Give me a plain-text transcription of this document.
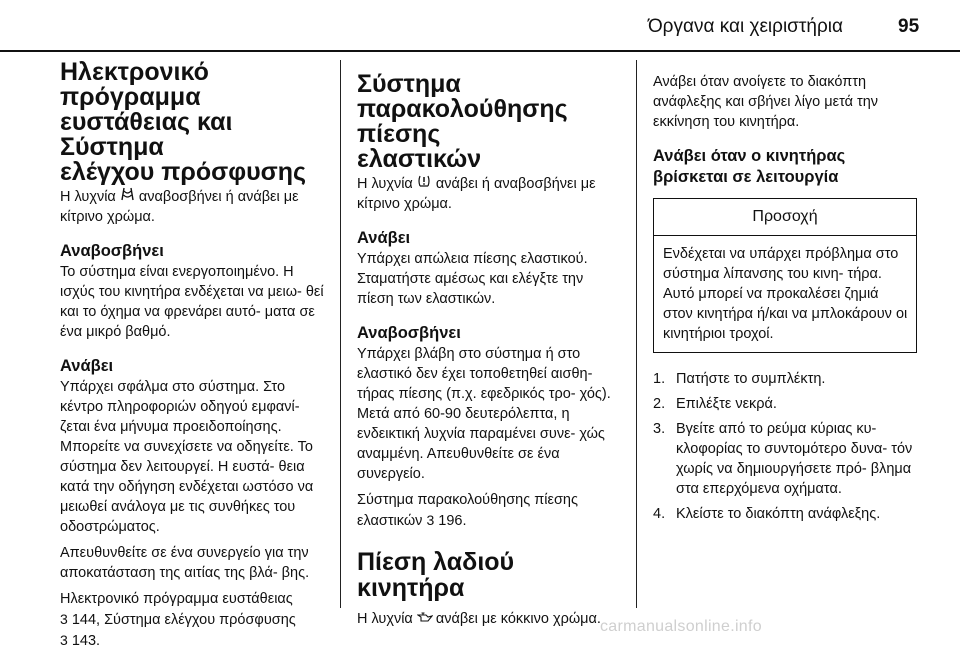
Όργανα και χειριστήρια	95
Ηλεκτρονικό πρόγραμμα
ευστάθειας και Σύστημα
ελέγχου πρόσφυσης

Η λυχνία  αναβοσβήνει ή ανάβει με κίτρινο χρώμα.

Αναβοσβήνει

Το σύστημα είναι ενεργοποιημένο. Η ισχύς του κινητήρα ενδέχεται να μειω- θεί και το όχημα να φρενάρει αυτό- ματα σε ένα μικρό βαθμό.

Ανάβει

Υπάρχει σφάλμα στο σύστημα. Στο κέντρο πληροφοριών οδηγού εμφανί- ζεται ένα μήνυμα προειδοποίησης. Μπορείτε να συνεχίσετε να οδηγείτε. Το σύστημα δεν λειτουργεί. Η ευστά- θεια κατά την οδήγηση ενδέχεται ωστόσο να μειωθεί ανάλογα με τις συνθήκες του οδοστρώματος.

Απευθυνθείτε σε ένα συνεργείο για την αποκατάσταση της αιτίας της βλά- βης.

Ηλεκτρονικό πρόγραμμα ευστάθειας
3 144, Σύστημα ελέγχου πρόσφυσης
3 143.

Σύστημα
παρακολούθησης πίεσης
ελαστικών

Η λυχνία  ανάβει ή αναβοσβήνει με κίτρινο χρώμα.

Ανάβει

Υπάρχει απώλεια πίεσης ελαστικού. Σταματήστε αμέσως και ελέγξτε την πίεση των ελαστικών.

Αναβοσβήνει

Υπάρχει βλάβη στο σύστημα ή στο ελαστικό δεν έχει τοποθετηθεί αισθη- τήρας πίεσης (π.χ. εφεδρικός τρο- χός). Μετά από 60-90 δευτερόλεπτα, η ενδεικτική λυχνία παραμένει συνε- χώς αναμμένη. Απευθυνθείτε σε ένα συνεργείο.

Σύστημα παρακολούθησης πίεσης ελαστικών 3 196.

Πίεση λαδιού κινητήρα

Η λυχνία  ανάβει με κόκκινο χρώμα.

Ανάβει όταν ανοίγετε το διακόπτη ανάφλεξης και σβήνει λίγο μετά την εκκίνηση του κινητήρα.

Ανάβει όταν ο κινητήρας βρίσκεται σε λειτουργία
Προσοχή
Ενδέχεται να υπάρχει πρόβλημα στο σύστημα λίπανσης του κινη- τήρα. Αυτό μπορεί να προκαλέσει ζημιά στον κινητήρα ή/και να μπλοκάρουν οι κινητήριοι τροχοί.
1. Πατήστε το συμπλέκτη.
2. Επιλέξτε νεκρά.
3. Βγείτε από το ρεύμα κύριας κυ- κλοφορίας το συντομότερο δυνα- τόν χωρίς να δημιουργήσετε πρό- βλημα στα επερχόμενα οχήματα.
4. Κλείστε το διακόπτη ανάφλεξης.
carmanualsonline.info
